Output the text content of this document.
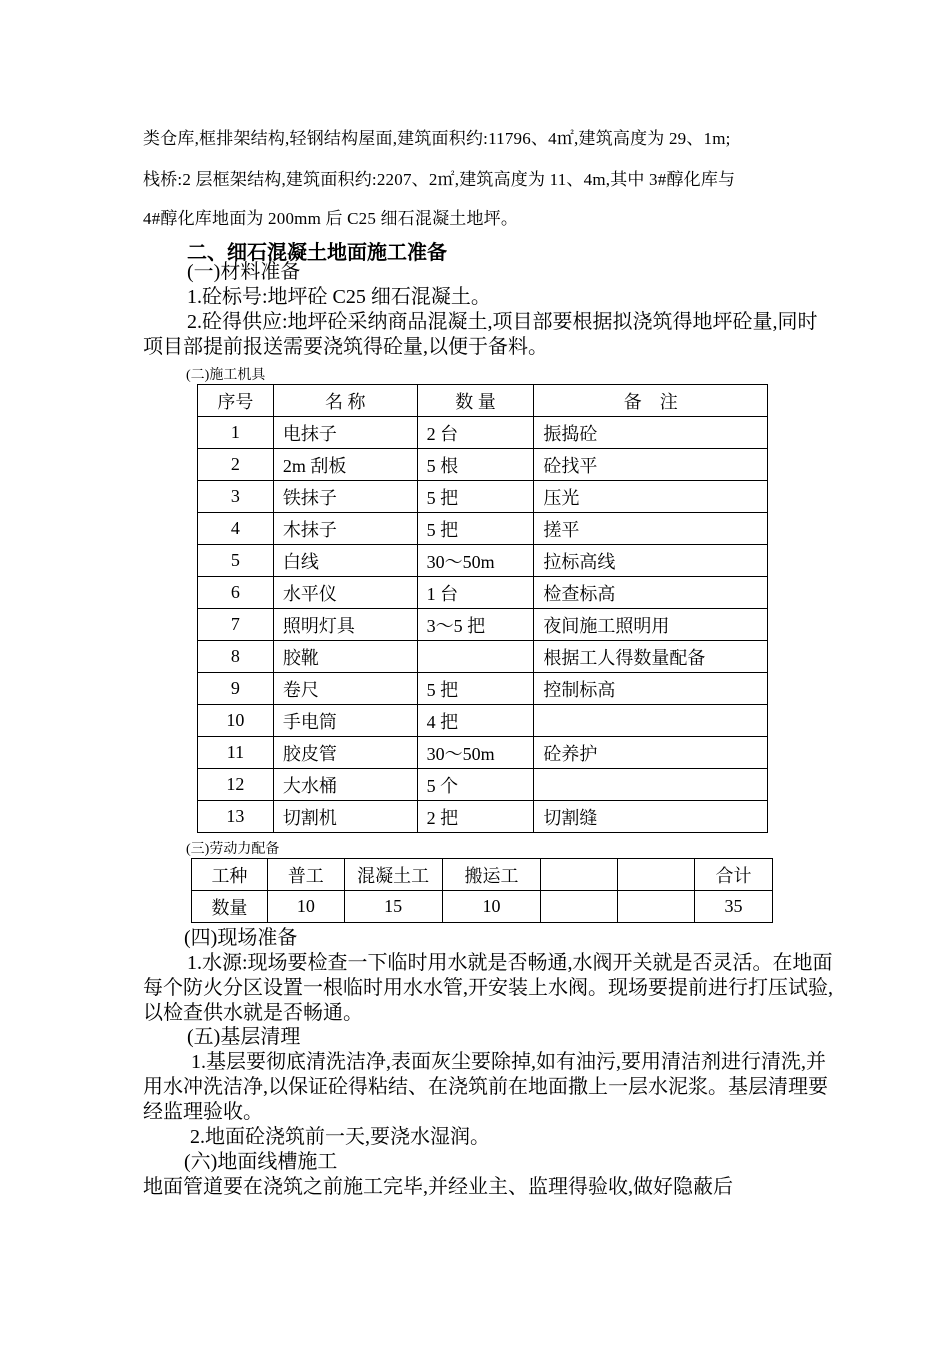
类仓库,框排架结构,轻钢结构屋面,建筑面积约:11796、4㎡,建筑高度为 29、1m;
栈桥:2 层框架结构,建筑面积约:2207、2㎡,建筑高度为 11、4m,其中 3#醇化库与
4#醇化库地面为 200mm 后 C25 细石混凝土地坪。
二、细石混凝土地面施工准备
(一)材料准备
1.砼标号:地坪砼 C25 细石混凝土。

2.砼得供应:地坪砼采纳商品混凝土,项目部要根据拟浇筑得地坪砼量,同时项目部提前报送需要浇筑得砼量,以便于备料。

(二)施工机具
序号	名 称	数 量	备　注
1	电抹子	2 台	振捣砼
2	2m 刮板	5 根	砼找平
3	铁抹子	5 把	压光
4	木抹子	5 把	搓平
5	白线	30～50m	拉标高线
6	水平仪	1 台	检查标高
7	照明灯具	3～5 把	夜间施工照明用
8	胶靴		根据工人得数量配备
9	卷尺	5 把	控制标高
10	手电筒	4 把	
11	胶皮管	30～50m	砼养护
12	大水桶	5 个	
13	切割机	2 把	切割缝
(三)劳动力配备
工种	普工	混凝土工	搬运工			合计
数量	10	15	10			35
(四)现场准备

1.水源:现场要检查一下临时用水就是否畅通,水阀开关就是否灵活。在地面每个防火分区设置一根临时用水水管,开安装上水阀。现场要提前进行打压试验,以检查供水就是否畅通。

(五)基层清理

1.基层要彻底清洗洁净,表面灰尘要除掉,如有油污,要用清洁剂进行清洗,并用水冲洗洁净,以保证砼得粘结、在浇筑前在地面撒上一层水泥浆。基层清理要经监理验收。

2.地面砼浇筑前一天,要浇水湿润。
(六)地面线槽施工
地面管道要在浇筑之前施工完毕,并经业主、监理得验收,做好隐蔽后
